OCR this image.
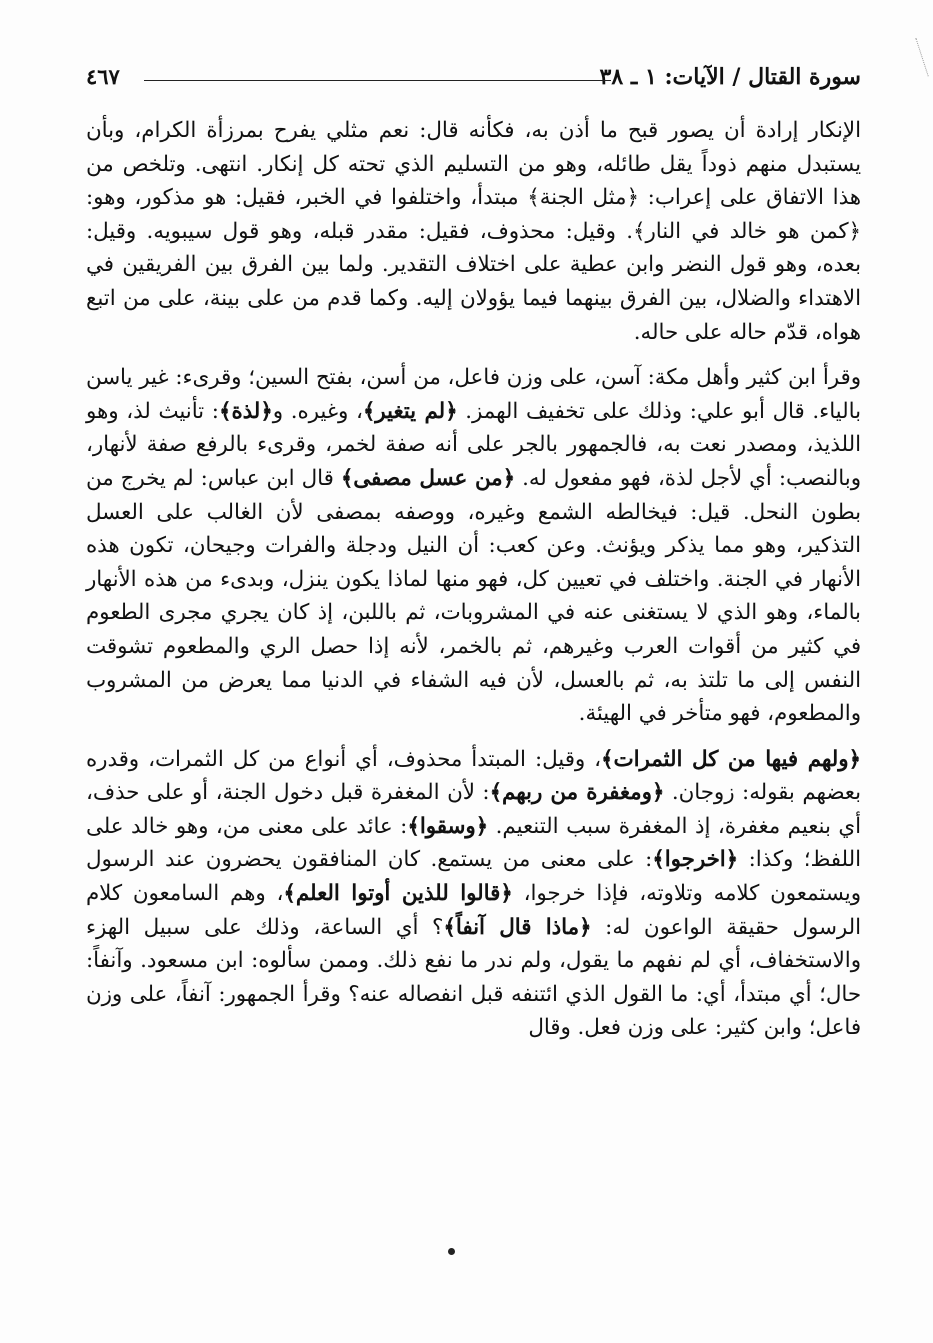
سورة القتال / الآيات: ١ ـ ٣٨
٤٦٧

الإنكار إرادة أن يصور قبح ما أذن به، فكأنه قال: نعم مثلي يفرح بمرزأة الكرام، وبأن يستبدل منهم ذوداً يقل طائله، وهو من التسليم الذي تحته كل إنكار. انتهى. وتلخص من هذا الاتفاق على إعراب: ﴿مثل الجنة﴾ مبتدأ، واختلفوا في الخبر، فقيل: هو مذكور، وهو: ﴿كمن هو خالد في النار﴾. وقيل: محذوف، فقيل: مقدر قبله، وهو قول سيبويه. وقيل: بعده، وهو قول النضر وابن عطية على اختلاف التقدير. ولما بين الفرق بين الفريقين في الاهتداء والضلال، بين الفرق بينهما فيما يؤولان إليه. وكما قدم من على بينة، على من اتبع هواه، قدّم حاله على حاله.

وقرأ ابن كثير وأهل مكة: آسن، على وزن فاعل، من أسن، بفتح السين؛ وقرىء: غير ياسن بالياء. قال أبو علي: وذلك على تخفيف الهمز. ﴿لم يتغير﴾، وغيره. و﴿لذة﴾: تأنيث لذ، وهو اللذيذ، ومصدر نعت به، فالجمهور بالجر على أنه صفة لخمر، وقرىء بالرفع صفة لأنهار، وبالنصب: أي لأجل لذة، فهو مفعول له. ﴿من عسل مصفى﴾ قال ابن عباس: لم يخرج من بطون النحل. قيل: فيخالطه الشمع وغيره، ووصفه بمصفى لأن الغالب على العسل التذكير، وهو مما يذكر ويؤنث. وعن كعب: أن النيل ودجلة والفرات وجيحان، تكون هذه الأنهار في الجنة. واختلف في تعيين كل، فهو منها لماذا يكون ينزل، وبدىء من هذه الأنهار بالماء، وهو الذي لا يستغنى عنه في المشروبات، ثم باللبن، إذ كان يجري مجرى الطعوم في كثير من أقوات العرب وغيرهم، ثم بالخمر، لأنه إذا حصل الري والمطعوم تشوقت النفس إلى ما تلتذ به، ثم بالعسل، لأن فيه الشفاء في الدنيا مما يعرض من المشروب والمطعوم، فهو متأخر في الهيئة.

﴿ولهم فيها من كل الثمرات﴾، وقيل: المبتدأ محذوف، أي أنواع من كل الثمرات، وقدره بعضهم بقوله: زوجان. ﴿ومغفرة من ربهم﴾: لأن المغفرة قبل دخول الجنة، أو على حذف، أي بنعيم مغفرة، إذ المغفرة سبب التنعيم. ﴿وسقوا﴾: عائد على معنى من، وهو خالد على اللفظ؛ وكذا: ﴿اخرجوا﴾: على معنى من يستمع. كان المنافقون يحضرون عند الرسول ويستمعون كلامه وتلاوته، فإذا خرجوا، ﴿قالوا للذين أوتوا العلم﴾، وهم السامعون كلام الرسول حقيقة الواعون له: ﴿ماذا قال آنفاً﴾؟ أي الساعة، وذلك على سبيل الهزء والاستخفاف، أي لم نفهم ما يقول، ولم ندر ما نفع ذلك. وممن سألوه: ابن مسعود. وآنفاً: حال؛ أي مبتدأ، أي: ما القول الذي ائتنفه قبل انفصاله عنه؟ وقرأ الجمهور: آنفاً، على وزن فاعل؛ وابن كثير: على وزن فعل. وقال
